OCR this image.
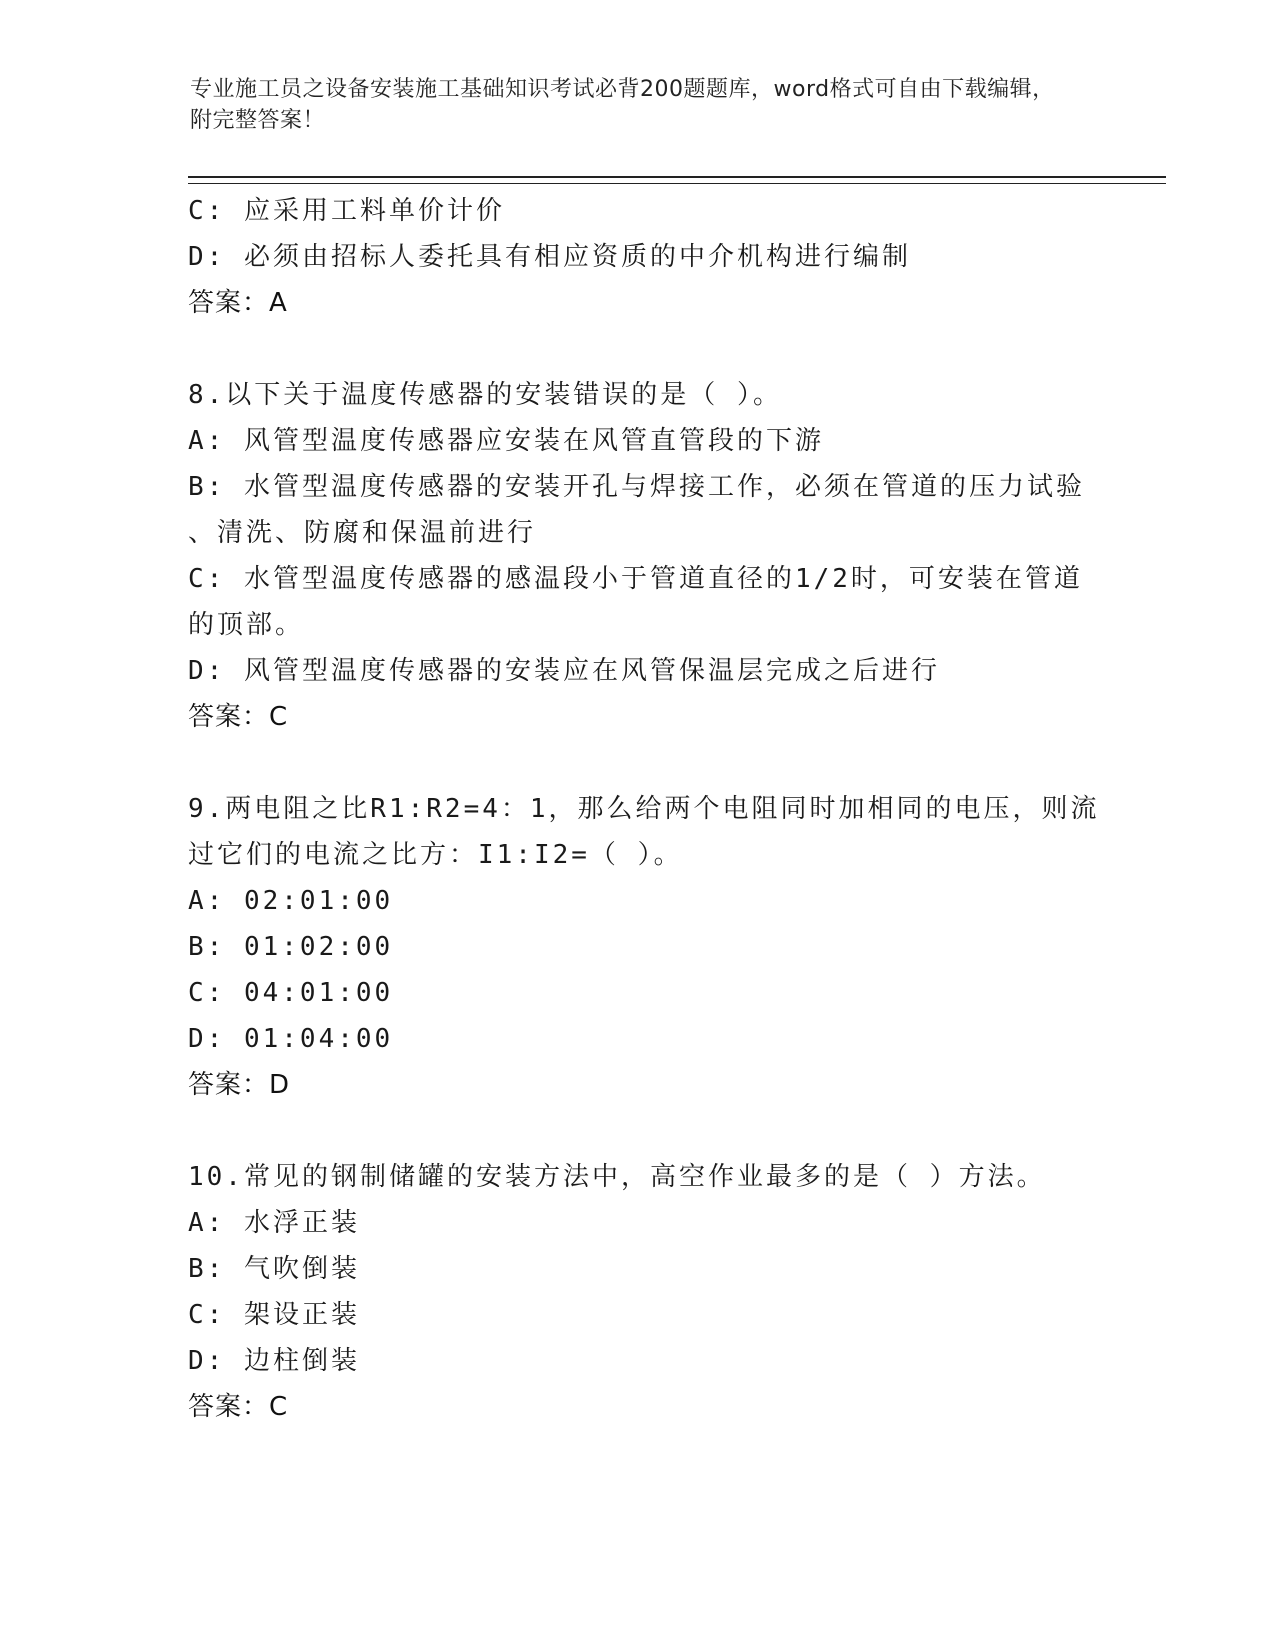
专业施工员之设备安装施工基础知识考试必背200题题库，word格式可自由下载编辑，附完整答案！
C: 应采用工料单价计价
D: 必须由招标人委托具有相应资质的中介机构进行编制
答案：A
8.以下关于温度传感器的安装错误的是（ ）。
A: 风管型温度传感器应安装在风管直管段的下游
B: 水管型温度传感器的安装开孔与焊接工作，必须在管道的压力试验
、清洗、防腐和保温前进行
C: 水管型温度传感器的感温段小于管道直径的1/2时，可安装在管道
的顶部。
D: 风管型温度传感器的安装应在风管保温层完成之后进行
答案：C
9.两电阻之比R1:R2=4：1，那么给两个电阻同时加相同的电压，则流
过它们的电流之比方：I1:I2=（ ）。
A: 02:01:00
B: 01:02:00
C: 04:01:00
D: 01:04:00
答案：D
10.常见的钢制储罐的安装方法中，高空作业最多的是（ ）方法。
A: 水浮正装
B: 气吹倒装
C: 架设正装
D: 边柱倒装
答案：C
